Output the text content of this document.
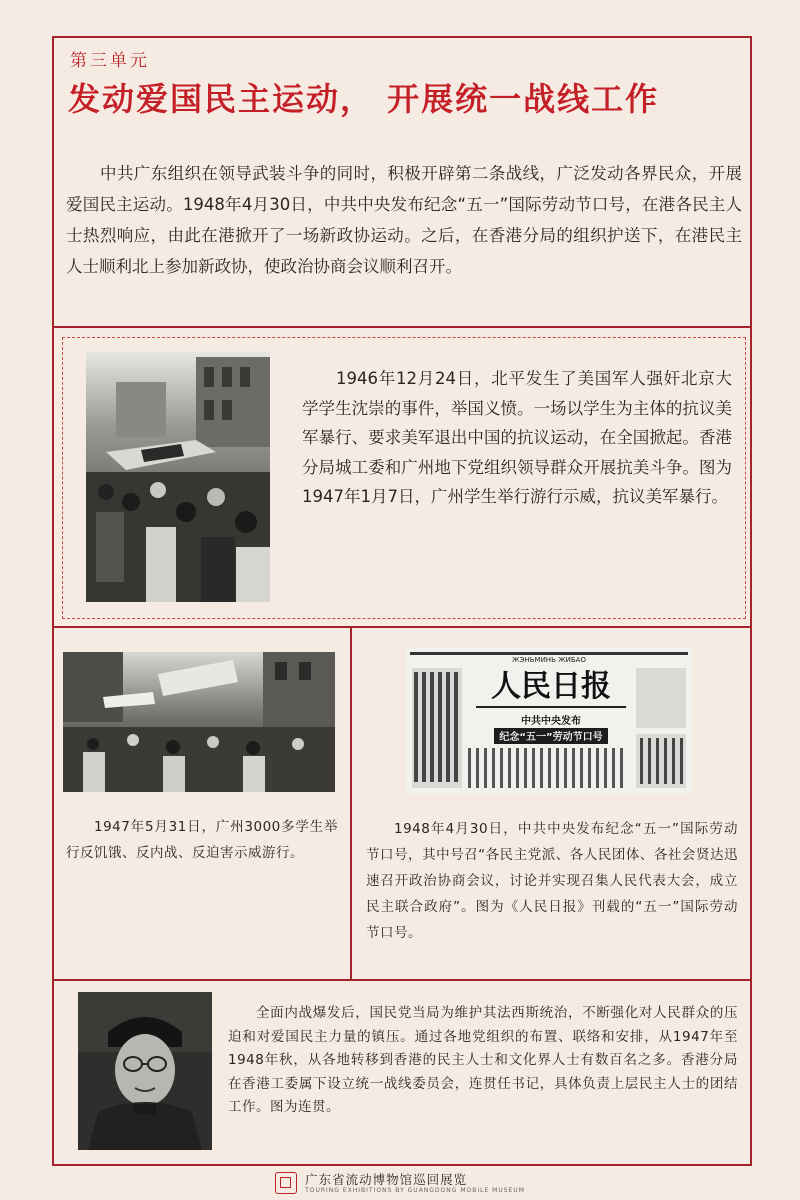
第三单元
发动爱国民主运动， 开展统一战线工作

中共广东组织在领导武装斗争的同时，积极开辟第二条战线，广泛发动各界民众，开展爱国民主运动。1948年4月30日，中共中央发布纪念“五一”国际劳动节口号，在港各民主人士热烈响应，由此在港掀开了一场新政协运动。之后，在香港分局的组织护送下，在港民主人士顺利北上参加新政协，使政治协商会议顺利召开。

1946年12月24日，北平发生了美国军人强奸北京大学学生沈崇的事件，举国义愤。一场以学生为主体的抗议美军暴行、要求美军退出中国的抗议运动，在全国掀起。香港分局城工委和广州地下党组织领导群众开展抗美斗争。图为1947年1月7日，广州学生举行游行示威，抗议美军暴行。

1947年5月31日，广州3000多学生举行反饥饿、反内战、反迫害示威游行。

ЖЭНЬМИНЬ ЖИБАО
人民日报
中共中央发布
纪念“五一”劳动节口号

1948年4月30日，中共中央发布纪念“五一”国际劳动节口号，其中号召“各民主党派、各人民团体、各社会贤达迅速召开政治协商会议，讨论并实现召集人民代表大会，成立民主联合政府”。图为《人民日报》刊载的“五一”国际劳动节口号。

全面内战爆发后，国民党当局为维护其法西斯统治，不断强化对人民群众的压迫和对爱国民主力量的镇压。通过各地党组织的布置、联络和安排，从1947年至1948年秋，从各地转移到香港的民主人士和文化界人士有数百名之多。香港分局在香港工委属下设立统一战线委员会，连贯任书记，具体负责上层民主人士的团结工作。图为连贯。

广东省流动博物馆巡回展览
TOURING EXHIBITIONS BY GUANGDONG MOBILE MUSEUM
